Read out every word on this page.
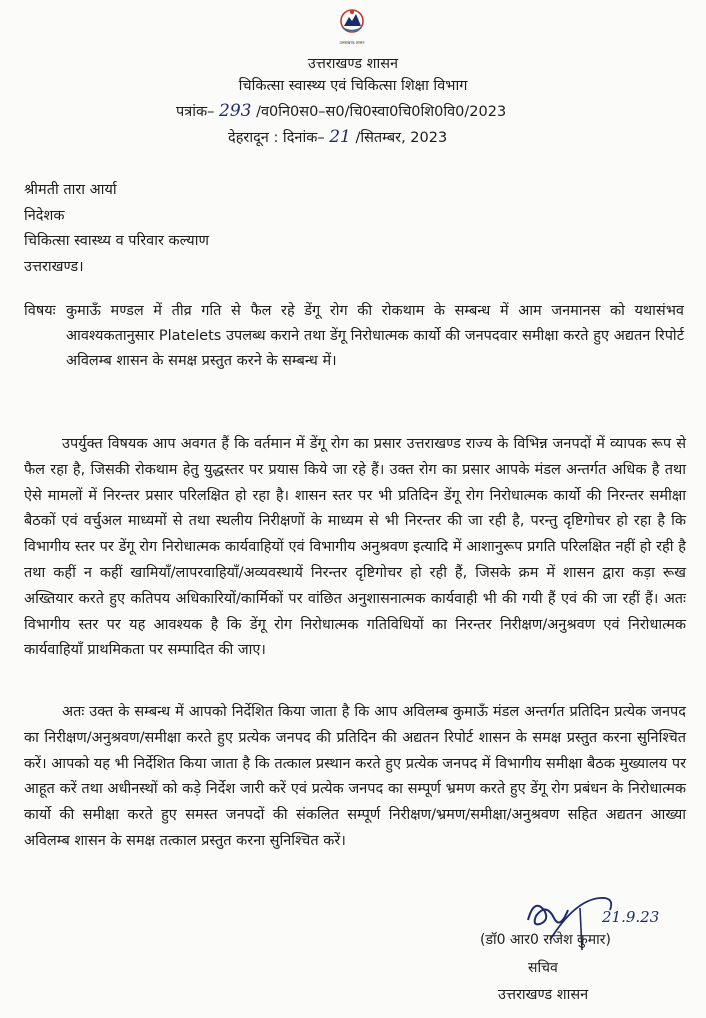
उत्तराखण्ड शासन
उत्तराखण्ड शासन
चिकित्सा स्वास्थ्य एवं चिकित्सा शिक्षा विभाग
पत्रांक– 293 /व0नि0स0–स0/चि0स्वा0चि0शि0वि0/2023
देहरादून : दिनांक– 21 /सितम्बर, 2023
श्रीमती तारा आर्या
निदेशक
चिकित्सा स्वास्थ्य व परिवार कल्याण
उत्तराखण्ड।
विषयः कुमाऊँ मण्डल में तीव्र गति से फैल रहे डेंगू रोग की रोकथाम के सम्बन्ध में आम जनमानस को यथासंभव आवश्यकतानुसार Platelets उपलब्ध कराने तथा डेंगू निरोधात्मक कार्यो की जनपदवार समीक्षा करते हुए अद्यतन रिपोर्ट अविलम्ब शासन के समक्ष प्रस्तुत करने के सम्बन्ध में।
उपर्युक्त विषयक आप अवगत हैं कि वर्तमान में डेंगू रोग का प्रसार उत्तराखण्ड राज्य के विभिन्न जनपदों में व्यापक रूप से फैल रहा है, जिसकी रोकथाम हेतु युद्धस्तर पर प्रयास किये जा रहे हैं। उक्त रोग का प्रसार आपके मंडल अन्तर्गत अधिक है तथा ऐसे मामलों में निरन्तर प्रसार परिलक्षित हो रहा है। शासन स्तर पर भी प्रतिदिन डेंगू रोग निरोधात्मक कार्यो की निरन्तर समीक्षा बैठकों एवं वर्चुअल माध्यमों से तथा स्थलीय निरीक्षणों के माध्यम से भी निरन्तर की जा रही है, परन्तु दृष्टिगोचर हो रहा है कि विभागीय स्तर पर डेंगू रोग निरोधात्मक कार्यवाहियों एवं विभागीय अनुश्रवण इत्यादि में आशानुरूप प्रगति परिलक्षित नहीं हो रही है तथा कहीं न कहीं खामियाँ/लापरवाहियाँ/अव्यवस्थायें निरन्तर दृष्टिगोचर हो रही हैं, जिसके क्रम में शासन द्वारा कड़ा रूख अख्तियार करते हुए कतिपय अधिकारियों/कार्मिकों पर वांछित अनुशासनात्मक कार्यवाही भी की गयी हैं एवं की जा रहीं हैं। अतः विभागीय स्तर पर यह आवश्यक है कि डेंगू रोग निरोधात्मक गतिविधियों का निरन्तर निरीक्षण/अनुश्रवण एवं निरोधात्मक कार्यवाहियाँ प्राथमिकता पर सम्पादित की जाए।
अतः उक्त के सम्बन्ध में आपको निर्देशित किया जाता है कि आप अविलम्ब कुमाऊँ मंडल अन्तर्गत प्रतिदिन प्रत्येक जनपद का निरीक्षण/अनुश्रवण/समीक्षा करते हुए प्रत्येक जनपद की प्रतिदिन की अद्यतन रिपोर्ट शासन के समक्ष प्रस्तुत करना सुनिश्चित करें। आपको यह भी निर्देशित किया जाता है कि तत्काल प्रस्थान करते हुए प्रत्येक जनपद में विभागीय समीक्षा बैठक मुख्यालय पर आहूत करें तथा अधीनस्थों को कड़े निर्देश जारी करें एवं प्रत्येक जनपद का सम्पूर्ण भ्रमण करते हुए डेंगू रोग प्रबंधन के निरोधात्मक कार्यो की समीक्षा करते हुए समस्त जनपदों की संकलित सम्पूर्ण निरीक्षण/भ्रमण/समीक्षा/अनुश्रवण सहित अद्यतन आख्या अविलम्ब शासन के समक्ष तत्काल प्रस्तुत करना सुनिश्चित करें।
21.9.23
(डॉ0 आर0 राजेश कुमार)
सचिव
उत्तराखण्ड शासन
